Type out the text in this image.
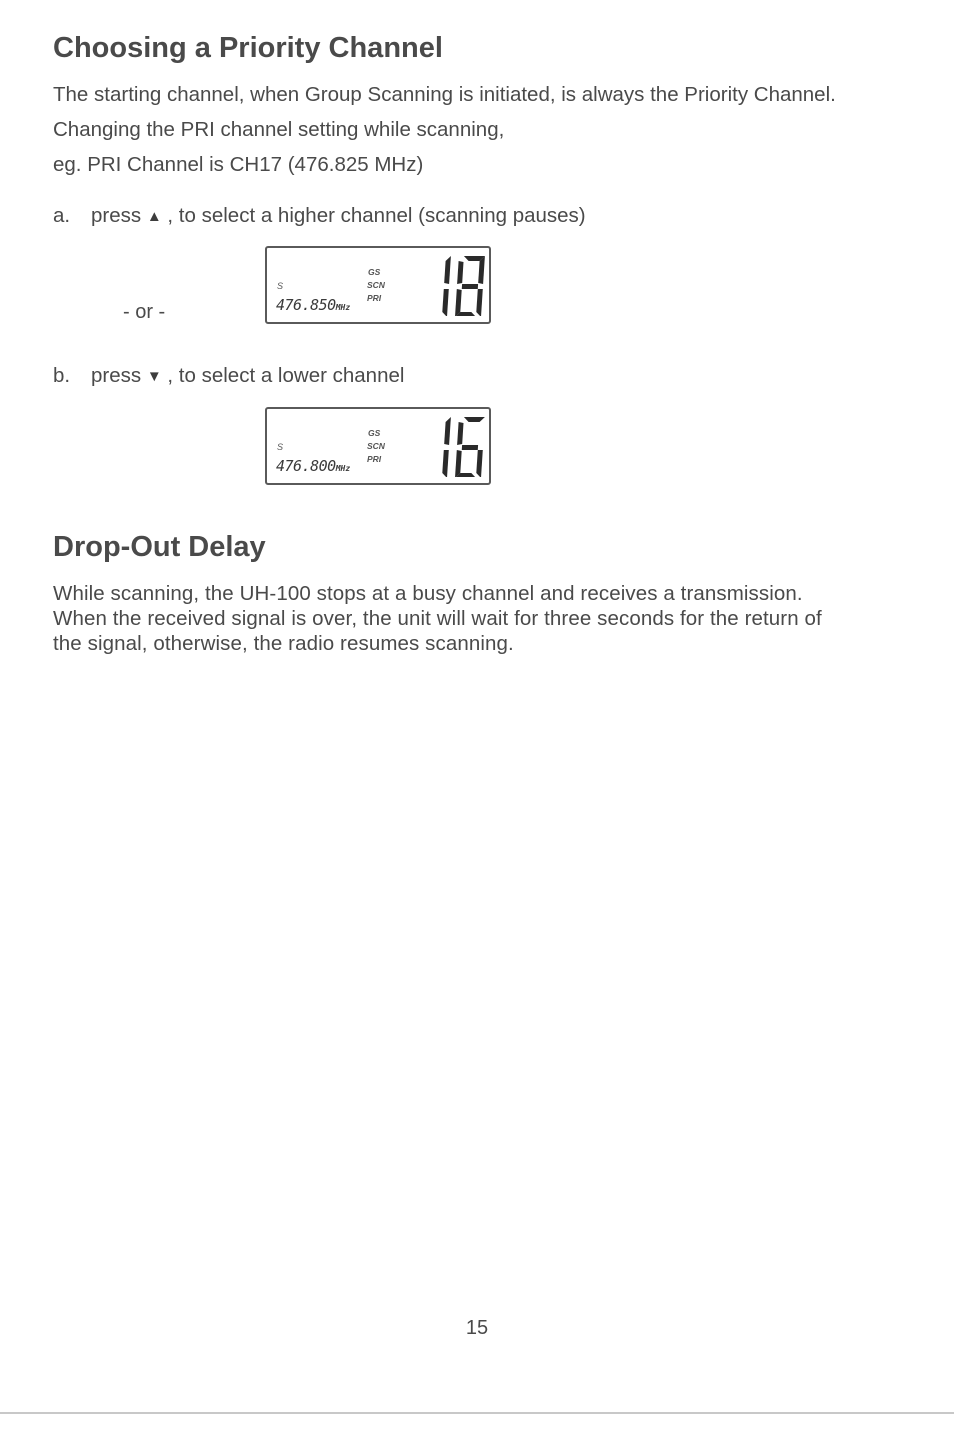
Choosing a Priority Channel
The starting channel, when Group Scanning is initiated, is always the Priority Channel.
Changing the PRI channel setting while scanning,
eg. PRI Channel is CH17 (476.825 MHz)
a. press ▲ , to select a higher channel (scanning pauses)
- or -
S
GS
SCN
PRI
476.850MHz
b. press ▼ , to select a lower channel
S
GS
SCN
PRI
476.800MHz
Drop-Out Delay
While scanning, the UH-100 stops at a busy channel and receives a transmission.
When the received signal is over, the unit will wait for three seconds for the return of
the signal, otherwise, the radio resumes scanning.
15
